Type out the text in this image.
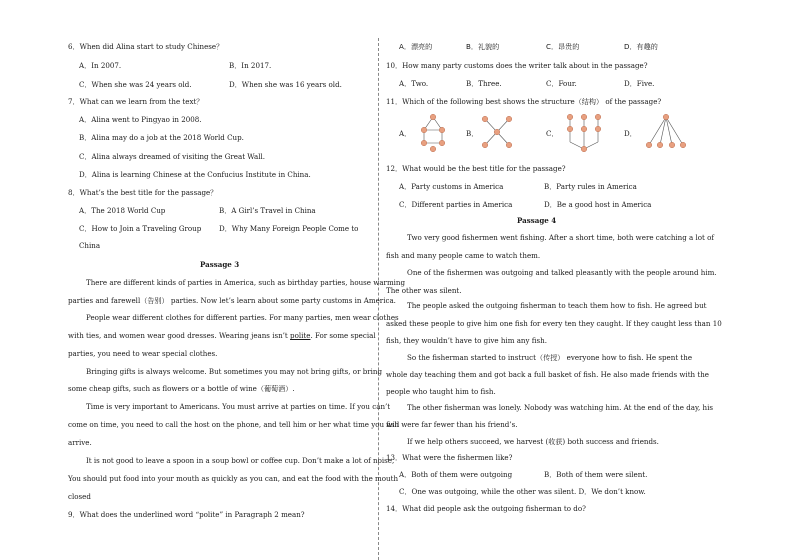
6．When did Alina start to study Chinese？
A．In 2007.	B．In 2017.
C．When she was 24 years old.	D．When she was 16 years old.
7．What can we learn from the text？
A．Alina went to Pingyao in 2008.
B．Alina may do a job at the 2018 World Cup.
C．Alina always dreamed of visiting the Great Wall.
D．Alina is learning Chinese at the Confucius Institute in China.
8．What’s the best title for the passage？
A．The 2018 World Cup	B．A Girl’s Travel in China
C．How to Join a Traveling Group D．Why Many Foreign People Come to
China
Passage 3
There are different kinds of parties in America, such as birthday parties, house warming
parties and farewell（告别） parties. Now let’s learn about some party customs in America.
People wear different clothes for different parties. For many parties, men wear clothes
with ties, and women wear good dresses. Wearing jeans isn’t polite. For some special
parties, you need to wear special clothes.
Bringing gifts is always welcome. But sometimes you may not bring gifts, or bring
some cheap gifts, such as flowers or a bottle of wine（葡萄酒）.
Time is very important to Americans. You must arrive at parties on time. If you can’t
come on time, you need to call the host on the phone, and tell him or her what time you will
arrive.
It is not good to leave a spoon in a soup bowl or coffee cup. Don’t make a lot of noise,
You should put food into your mouth as quickly as you can, and eat the food with the mouth
closed
9．What does the underlined word “polite” in Paragraph 2 mean?
A．漂亮的	B．礼貌的	C．昂贵的	D．有趣的
10．How many party customs does the writer talk about in the passage?
A．Two.	B．Three.	C．Four.	D．Five.
11．Which of the following best shows the structure（结构） of the passage?
A．	B．	C．	D．
12．What would be the best title for the passage?
A．Party customs in America	B．Party rules in America
C．Different parties in America	D．Be a good host in America
Passage 4
Two very good fishermen went fishing. After a short time, both were catching a lot of
fish and many people came to watch them.
One of the fishermen was outgoing and talked pleasantly with the people around him.
The other was silent.
The people asked the outgoing fisherman to teach them how to fish. He agreed but
asked these people to give him one fish for every ten they caught. If they caught less than 10
fish, they wouldn’t have to give him any fish.
So the fisherman started to instruct（传授） everyone how to fish. He spent the
whole day teaching them and got back a full basket of fish. He also made friends with the
people who taught him to fish.
The other fisherman was lonely. Nobody was watching him. At the end of the day, his
fish were far fewer than his friend’s.
If we help others succeed, we harvest (收获) both success and friends.
13．What were the fishermen like?
A．Both of them were outgoing	B．Both of them were silent.
C．One was outgoing, while the other was silent. D．We don’t know.
14．What did people ask the outgoing fisherman to do?
